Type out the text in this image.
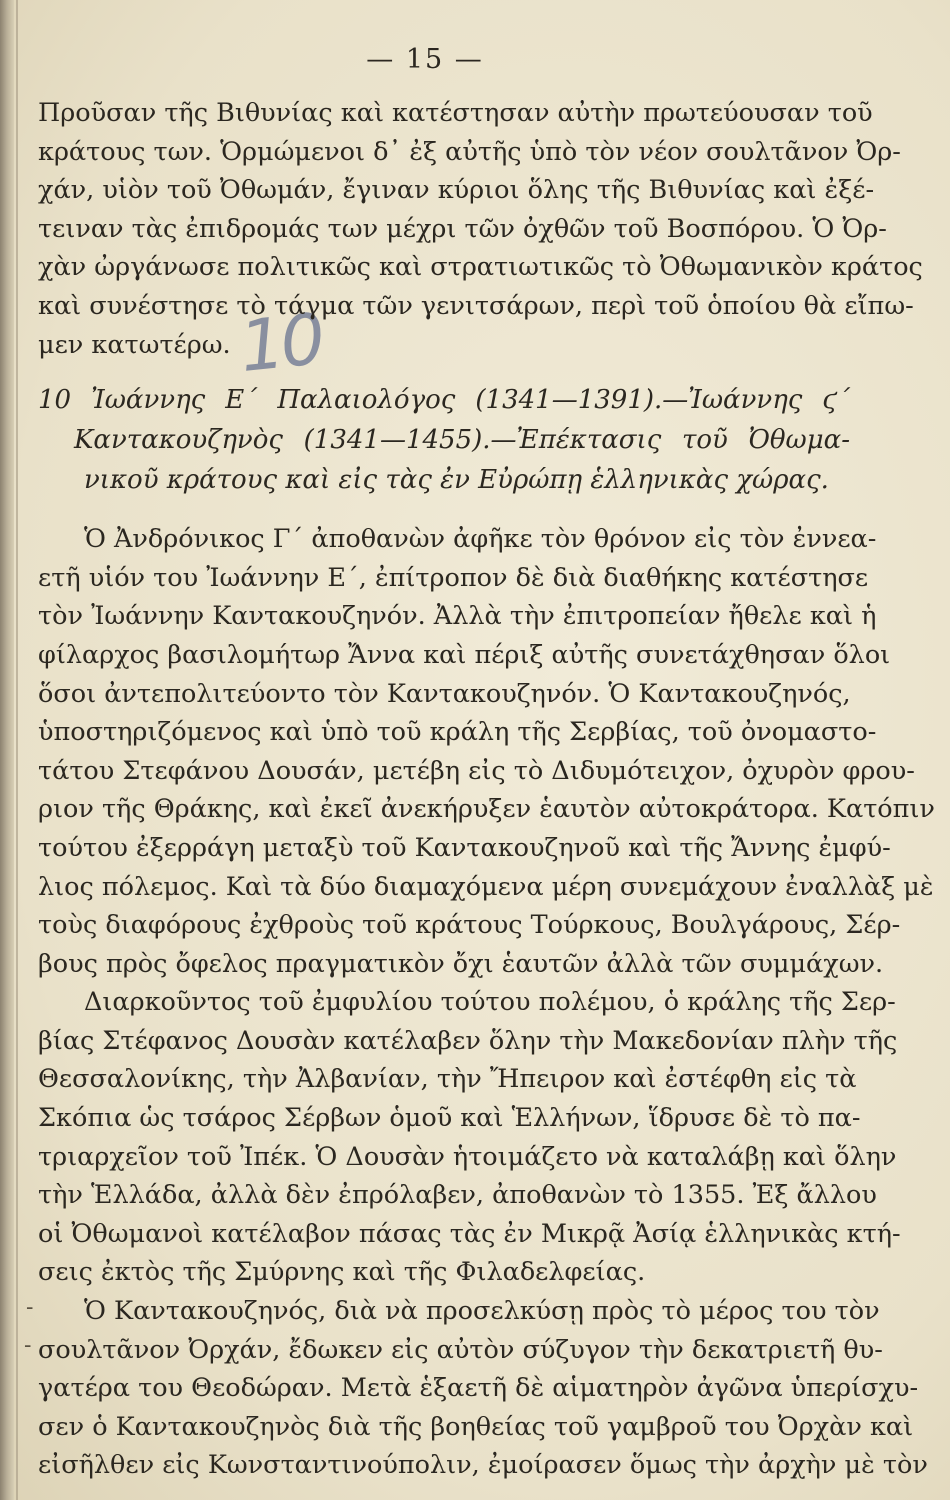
— 15 —
10
-
-
Προῦσαν τῆς Βιθυνίας καὶ κατέστησαν αὐτὴν πρωτεύουσαν τοῦ
κράτους των. Ὁρμώμενοι δ᾿ ἐξ αὐτῆς ὑπὸ τὸν νέον σουλτᾶνον Ὀρ-
χάν, υἱὸν τοῦ Ὀθωμάν, ἔγιναν κύριοι ὅλης τῆς Βιθυνίας καὶ ἐξέ-
τειναν τὰς ἐπιδρομάς των μέχρι τῶν ὀχθῶν τοῦ Βοσπόρου. Ὁ Ὀρ-
χὰν ὠργάνωσε πολιτικῶς καὶ στρατιωτικῶς τὸ Ὀθωμανικὸν κράτος
καὶ συνέστησε τὸ τάγμα τῶν γενιτσάρων, περὶ τοῦ ὁποίου θὰ εἴπω-
μεν κατωτέρω.
10 Ἰωάννης Ε΄ Παλαιολόγος (1341—1391).—Ἰωάννης ϛ΄
Καντακουζηνὸς (1341—1455).—Ἐπέκτασις τοῦ Ὀθωμα-
νικοῦ κράτους καὶ εἰς τὰς ἐν Εὐρώπῃ ἑλληνικὰς χώρας.
Ὁ Ἀνδρόνικος Γ΄ ἀποθανὼν ἀφῆκε τὸν θρόνον εἰς τὸν ἐννεα-
ετῆ υἱόν του Ἰωάννην Ε΄, ἐπίτροπον δὲ διὰ διαθήκης κατέστησε
τὸν Ἰωάννην Καντακουζηνόν. Ἀλλὰ τὴν ἐπιτροπείαν ἤθελε καὶ ἡ
φίλαρχος βασιλομήτωρ Ἄννα καὶ πέριξ αὐτῆς συνετάχθησαν ὅλοι
ὅσοι ἀντεπολιτεύοντο τὸν Καντακουζηνόν. Ὁ Καντακουζηνός,
ὑποστηριζόμενος καὶ ὑπὸ τοῦ κράλη τῆς Σερβίας, τοῦ ὀνομαστο-
τάτου Στεφάνου Δουσάν, μετέβη εἰς τὸ Διδυμότειχον, ὀχυρὸν φρου-
ριον τῆς Θράκης, καὶ ἐκεῖ ἀνεκήρυξεν ἑαυτὸν αὐτοκράτορα. Κατόπιν
τούτου ἐξερράγη μεταξὺ τοῦ Καντακουζηνοῦ καὶ τῆς Ἄννης ἐμφύ-
λιος πόλεμος. Καὶ τὰ δύο διαμαχόμενα μέρη συνεμάχουν ἐναλλὰξ μὲ
τοὺς διαφόρους ἐχθροὺς τοῦ κράτους Τούρκους, Βουλγάρους, Σέρ-
βους πρὸς ὄφελος πραγματικὸν ὄχι ἑαυτῶν ἀλλὰ τῶν συμμάχων.
Διαρκοῦντος τοῦ ἐμφυλίου τούτου πολέμου, ὁ κράλης τῆς Σερ-
βίας Στέφανος Δουσὰν κατέλαβεν ὅλην τὴν Μακεδονίαν πλὴν τῆς
Θεσσαλονίκης, τὴν Ἀλβανίαν, τὴν Ἤπειρον καὶ ἐστέφθη εἰς τὰ
Σκόπια ὡς τσάρος Σέρβων ὁμοῦ καὶ Ἑλλήνων, ἵδρυσε δὲ τὸ πα-
τριαρχεῖον τοῦ Ἰπέκ. Ὁ Δουσὰν ἡτοιμάζετο νὰ καταλάβῃ καὶ ὅλην
τὴν Ἑλλάδα, ἀλλὰ δὲν ἐπρόλαβεν, ἀποθανὼν τὸ 1355. Ἐξ ἄλλου
οἱ Ὀθωμανοὶ κατέλαβον πάσας τὰς ἐν Μικρᾷ Ἀσίᾳ ἑλληνικὰς κτή-
σεις ἐκτὸς τῆς Σμύρνης καὶ τῆς Φιλαδελφείας.
Ὁ Καντακουζηνός, διὰ νὰ προσελκύσῃ πρὸς τὸ μέρος του τὸν
σουλτᾶνον Ὀρχάν, ἔδωκεν εἰς αὐτὸν σύζυγον τὴν δεκατριετῆ θυ-
γατέρα του Θεοδώραν. Μετὰ ἑξαετῆ δὲ αἱματηρὸν ἀγῶνα ὑπερίσχυ-
σεν ὁ Καντακουζηνὸς διὰ τῆς βοηθείας τοῦ γαμβροῦ του Ὀρχὰν καὶ
εἰσῆλθεν εἰς Κωνσταντινούπολιν, ἐμοίρασεν ὅμως τὴν ἀρχὴν μὲ τὸν
